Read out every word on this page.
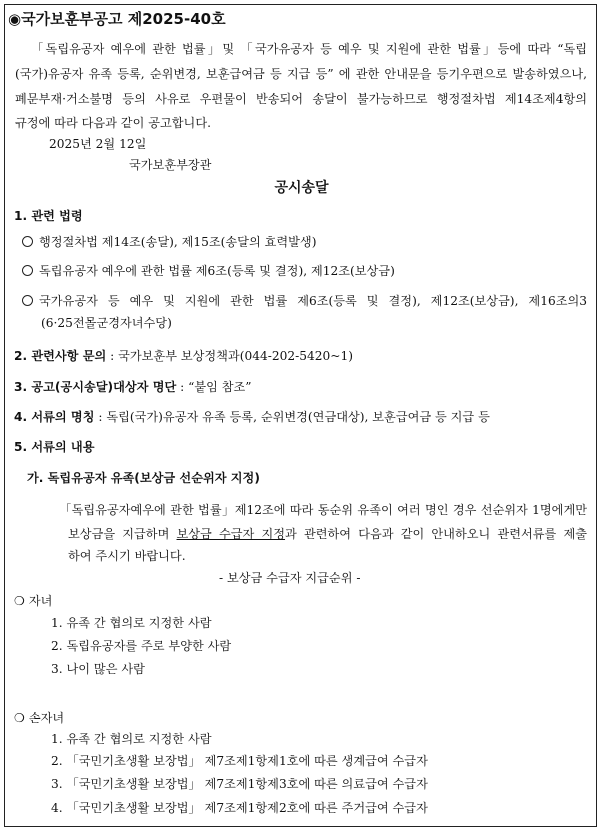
◉국가보훈부공고 제2025-40호
「독립유공자 예우에 관한 법률」및 「국가유공자 등 예우 및 지원에 관한 법률」등에 따라 “독립
(국가)유공자 유족 등록, 순위변경, 보훈급여금 등 지급 등” 에 관한 안내문을 등기우편으로 발송하였으나,
폐문부재·거소불명 등의 사유로 우편물이 반송되어 송달이 불가능하므로 행정절차법 제14조제4항의
규정에 따라 다음과 같이 공고합니다.
2025년 2월 12일
국가보훈부장관
공시송달
1. 관련 법령
행정절차법 제14조(송달), 제15조(송달의 효력발생)
독립유공자 예우에 관한 법률 제6조(등록 및 결정), 제12조(보상금)
국가유공자 등 예우 및 지원에 관한 법률 제6조(등록 및 결정), 제12조(보상금), 제16조의3
(6·25전몰군경자녀수당)
2. 관련사항 문의 : 국가보훈부 보상정책과(044-202-5420~1)
3. 공고(공시송달)대상자 명단 : “붙임 참조”
4. 서류의 명칭 : 독립(국가)유공자 유족 등록, 순위변경(연금대상), 보훈급여금 등 지급 등
5. 서류의 내용
가. 독립유공자 유족(보상금 선순위자 지정)
「독립유공자예우에 관한 법률」제12조에 따라 동순위 유족이 여러 명인 경우 선순위자 1명에게만
보상금을 지급하며 보상금 수급자 지정과 관련하여 다음과 같이 안내하오니 관련서류를 제출
하여 주시기 바랍니다.
- 보상금 수급자 지급순위 -
❍ 자녀
1. 유족 간 협의로 지정한 사람
2. 독립유공자를 주로 부양한 사람
3. 나이 많은 사람
❍ 손자녀
1. 유족 간 협의로 지정한 사람
2. 「국민기초생활 보장법」 제7조제1항제1호에 따른 생계급여 수급자
3. 「국민기초생활 보장법」 제7조제1항제3호에 따른 의료급여 수급자
4. 「국민기초생활 보장법」 제7조제1항제2호에 따른 주거급여 수급자
